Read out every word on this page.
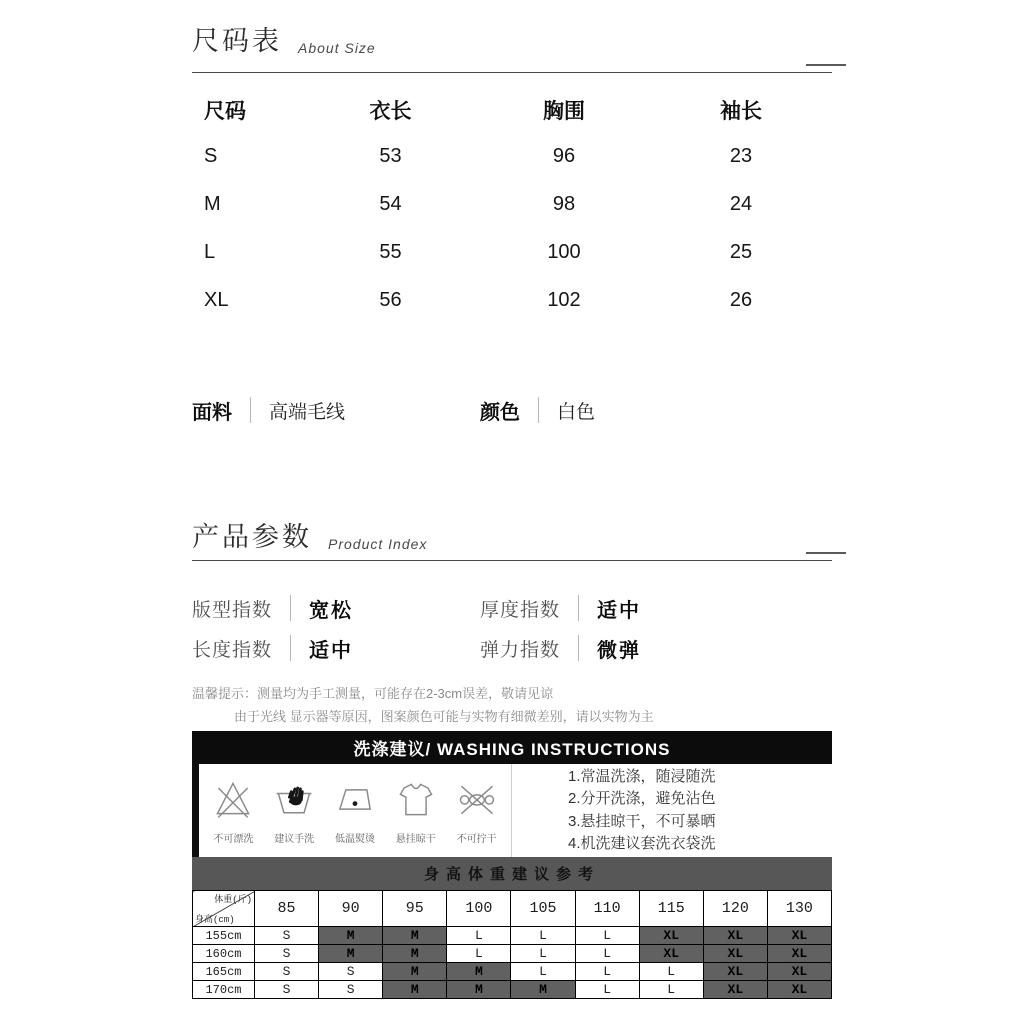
尺码表 About Size
尺码	衣长	胸围	袖长
S	53	96	23
M	54	98	24
L	55	100	25
XL	56	102	26
面料 高端毛线	颜色 白色
产品参数 Product Index
版型指数 宽松	厚度指数 适中
长度指数 适中	弹力指数 微弹
温馨提示：测量均为手工测量，可能存在2-3cm误差，敬请见谅
由于光线 显示器等原因，图案颜色可能与实物有细微差别，请以实物为主
洗涤建议/ WASHING INSTRUCTIONS
不可漂洗 建议手洗 低温熨烫 悬挂晾干 不可拧干
1.常温洗涤，随浸随洗
2.分开洗涤，避免沾色
3.悬挂晾干，不可暴晒
4.机洗建议套洗衣袋洗
身高体重建议参考
体重(斤)
身高(cm)	85	90	95	100	105	110	115	120	130
155cm	S	M	M	L	L	L	XL	XL	XL
160cm	S	M	M	L	L	L	XL	XL	XL
165cm	S	S	M	M	L	L	L	XL	XL
170cm	S	S	M	M	M	L	L	XL	XL
